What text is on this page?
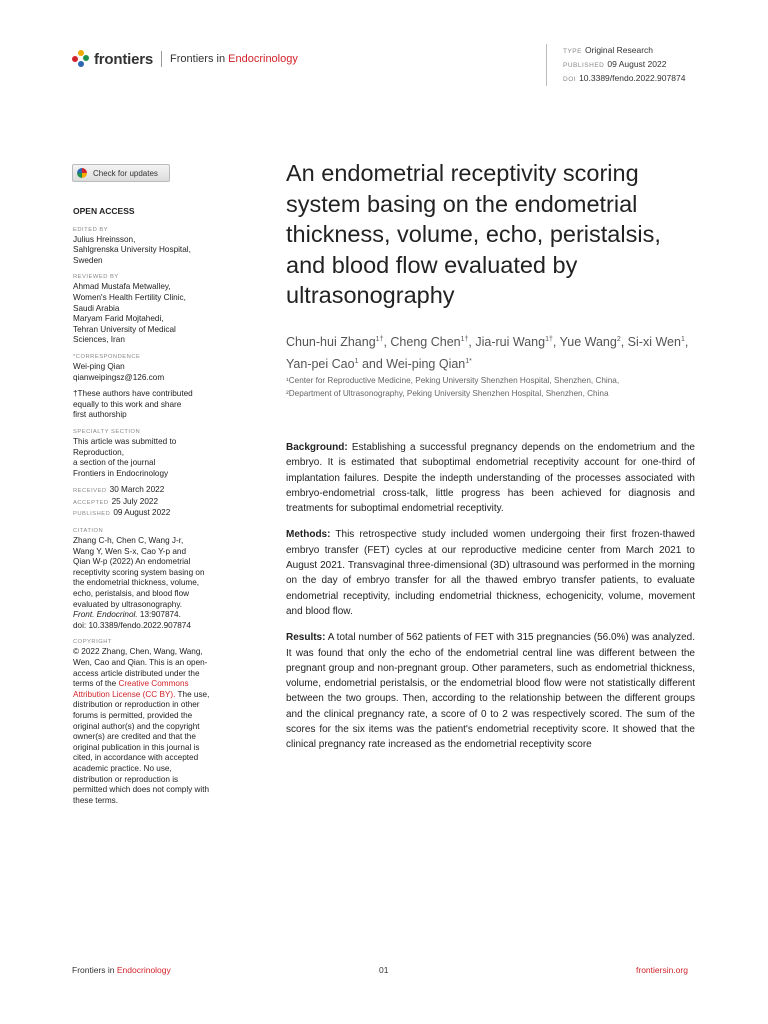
frontiers Frontiers in Endocrinology
TYPE Original Research
PUBLISHED 09 August 2022
DOI 10.3389/fendo.2022.907874
Check for updates
OPEN ACCESS
EDITED BY
Julius Hreinsson,
Sahlgrenska University Hospital,
Sweden
REVIEWED BY
Ahmad Mustafa Metwalley,
Women's Health Fertility Clinic,
Saudi Arabia
Maryam Farid Mojtahedi,
Tehran University of Medical
Sciences, Iran
*CORRESPONDENCE
Wei-ping Qian
qianweipingsz@126.com
†These authors have contributed
equally to this work and share
first authorship
SPECIALTY SECTION
This article was submitted to
Reproduction,
a section of the journal
Frontiers in Endocrinology
RECEIVED 30 March 2022
ACCEPTED 25 July 2022
PUBLISHED 09 August 2022
CITATION
Zhang C-h, Chen C, Wang J-r,
Wang Y, Wen S-x, Cao Y-p and
Qian W-p (2022) An endometrial
receptivity scoring system basing on
the endometrial thickness, volume,
echo, peristalsis, and blood flow
evaluated by ultrasonography.
Front. Endocrinol. 13:907874.
doi: 10.3389/fendo.2022.907874
COPYRIGHT
© 2022 Zhang, Chen, Wang, Wang,
Wen, Cao and Qian. This is an open-
access article distributed under the
terms of the Creative Commons
Attribution License (CC BY). The use,
distribution or reproduction in other
forums is permitted, provided the
original author(s) and the copyright
owner(s) are credited and that the
original publication in this journal is
cited, in accordance with accepted
academic practice. No use,
distribution or reproduction is
permitted which does not comply with
these terms.
An endometrial receptivity scoring system basing on the endometrial thickness, volume, echo, peristalsis, and blood flow evaluated by ultrasonography
Chun-hui Zhang$^{1\dagger}$, Cheng Chen$^{1\dagger}$, Jia-rui Wang$^{1\dagger}$, Yue Wang$^2$, Si-xi Wen$^1$, Yan-pei Cao$^1$ and Wei-ping Qian$^{1*}$
¹Center for Reproductive Medicine, Peking University Shenzhen Hospital, Shenzhen, China,
²Department of Ultrasonography, Peking University Shenzhen Hospital, Shenzhen, China

Background: Establishing a successful pregnancy depends on the endometrium and the embryo. It is estimated that suboptimal endometrial receptivity account for one-third of implantation failures. Despite the indepth understanding of the processes associated with embryo-endometrial cross-talk, little progress has been achieved for diagnosis and treatments for suboptimal endometrial receptivity.

Methods: This retrospective study included women undergoing their first frozen-thawed embryo transfer (FET) cycles at our reproductive medicine center from March 2021 to August 2021. Transvaginal three-dimensional (3D) ultrasound was performed in the morning on the day of embryo transfer for all the thawed embryo transfer patients, to evaluate endometrial receptivity, including endometrial thickness, echogenicity, volume, movement and blood flow.

Results: A total number of 562 patients of FET with 315 pregnancies (56.0%) was analyzed. It was found that only the echo of the endometrial central line was different between the pregnant group and non-pregnant group. Other parameters, such as endometrial thickness, volume, endometrial peristalsis, or the endometrial blood flow were not statistically different between the two groups. Then, according to the relationship between the different groups and the clinical pregnancy rate, a score of 0 to 2 was respectively scored. The sum of the scores for the six items was the patient's endometrial receptivity score. It showed that the clinical pregnancy rate increased as the endometrial receptivity score

Frontiers in Endocrinology	01	frontiersin.org
